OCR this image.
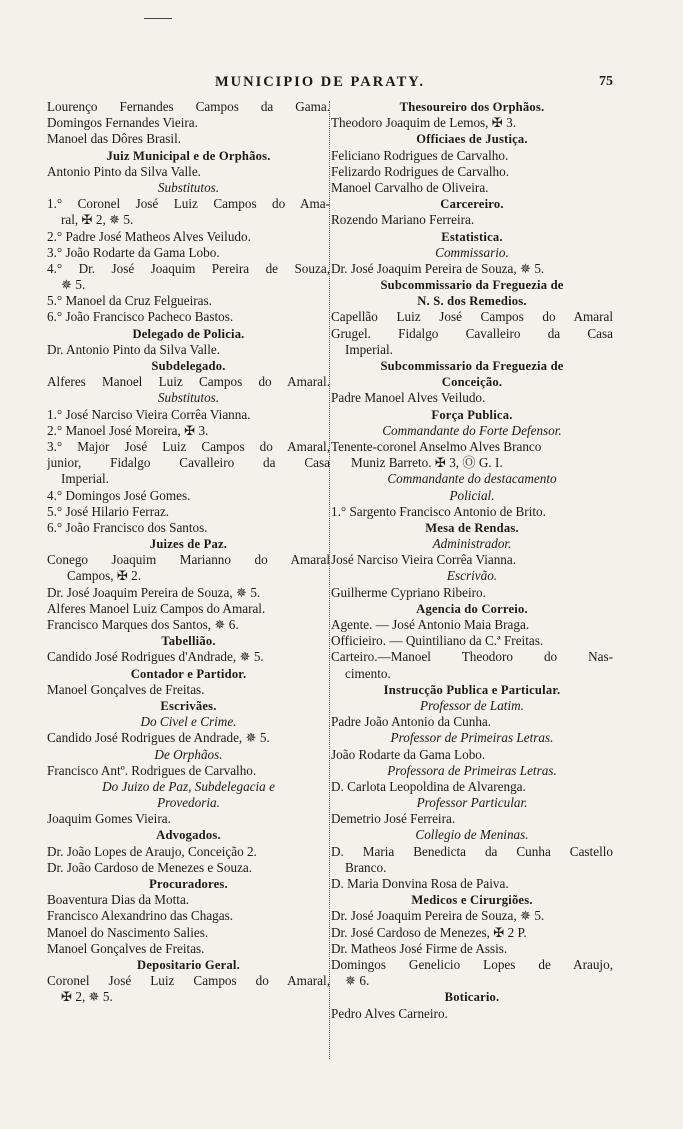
MUNICIPIO DE PARATY.	75
Lourenço Fernandes Campos da Gama.
Domingos Fernandes Vieira.
Manoel das Dôres Brasil.
Juiz Municipal e de Orphãos.
Antonio Pinto da Silva Valle.
Substitutos.
1.° Coronel José Luiz Campos do Ama-
ral, ✠ 2, ✵ 5.
2.° Padre José Matheos Alves Veiludo.
3.° João Rodarte da Gama Lobo.
4.° Dr. José Joaquim Pereira de Souza,
✵ 5.
5.° Manoel da Cruz Felgueiras.
6.° João Francisco Pacheco Bastos.
Delegado de Policia.
Dr. Antonio Pinto da Silva Valle.
Subdelegado.
Alferes Manoel Luiz Campos do Amaral.
Substitutos.
1.° José Narciso Vieira Corrêa Vianna.
2.° Manoel José Moreira, ✠ 3.
3.° Major José Luiz Campos do Amaral,
junior, Fidalgo Cavalleiro da Casa
Imperial.
4.° Domingos José Gomes.
5.° José Hilario Ferraz.
6.° João Francisco dos Santos.
Juizes de Paz.
Conego Joaquim Marianno do Amaral
Campos, ✠ 2.
Dr. José Joaquim Pereira de Souza, ✵ 5.
Alferes Manoel Luiz Campos do Amaral.
Francisco Marques dos Santos, ✵ 6.
Tabellião.
Candido José Rodrigues d'Andrade, ✵ 5.
Contador e Partidor.
Manoel Gonçalves de Freitas.
Escrivães.
Do Civel e Crime.
Candido José Rodrigues de Andrade, ✵ 5.
De Orphãos.
Francisco Antº. Rodrigues de Carvalho.
Do Juizo de Paz, Subdelegacia e
Provedoria.
Joaquim Gomes Vieira.
Advogados.
Dr. João Lopes de Araujo, Conceição 2.
Dr. João Cardoso de Menezes e Souza.
Procuradores.
Boaventura Dias da Motta.
Francisco Alexandrino das Chagas.
Manoel do Nascimento Salies.
Manoel Gonçalves de Freitas.
Depositario Geral.
Coronel José Luiz Campos do Amaral,
✠ 2, ✵ 5.
Thesoureiro dos Orphãos.
Theodoro Joaquim de Lemos, ✠ 3.
Officiaes de Justiça.
Feliciano Rodrigues de Carvalho.
Felizardo Rodrigues de Carvalho.
Manoel Carvalho de Oliveira.
Carcereiro.
Rozendo Mariano Ferreira.
Estatistica.
Commissario.
Dr. José Joaquim Pereira de Souza, ✵ 5.
Subcommissario da Freguezia de
N. S. dos Remedios.
Capellão Luiz José Campos do Amaral
Grugel. Fidalgo Cavalleiro da Casa
Imperial.
Subcommissario da Freguezia de
Conceição.
Padre Manoel Alves Veiludo.
Força Publica.
Commandante do Forte Defensor.
Tenente-coronel Anselmo Alves Branco
Muniz Barreto. ✠ 3, Ⓞ G. I.
Commandante do destacamento
Policial.
1.° Sargento Francisco Antonio de Brito.
Mesa de Rendas.
Administrador.
José Narciso Vieira Corrêa Vianna.
Escrivão.
Guilherme Cypriano Ribeiro.
Agencia do Correio.
Agente. — José Antonio Maia Braga.
Officieiro. — Quintiliano da C.ª Freitas.
Carteiro.—Manoel Theodoro do Nas-
cimento.
Instrucção Publica e Particular.
Professor de Latim.
Padre João Antonio da Cunha.
Professor de Primeiras Letras.
João Rodarte da Gama Lobo.
Professora de Primeiras Letras.
D. Carlota Leopoldina de Alvarenga.
Professor Particular.
Demetrio José Ferreira.
Collegio de Meninas.
D. Maria Benedicta da Cunha Castello
Branco.
D. Maria Donvina Rosa de Paiva.
Medicos e Cirurgiões.
Dr. José Joaquim Pereira de Souza, ✵ 5.
Dr. José Cardoso de Menezes, ✠ 2 P.
Dr. Matheos José Firme de Assis.
Domingos Genelicio Lopes de Araujo,
✵ 6.
Boticario.
Pedro Alves Carneiro.
